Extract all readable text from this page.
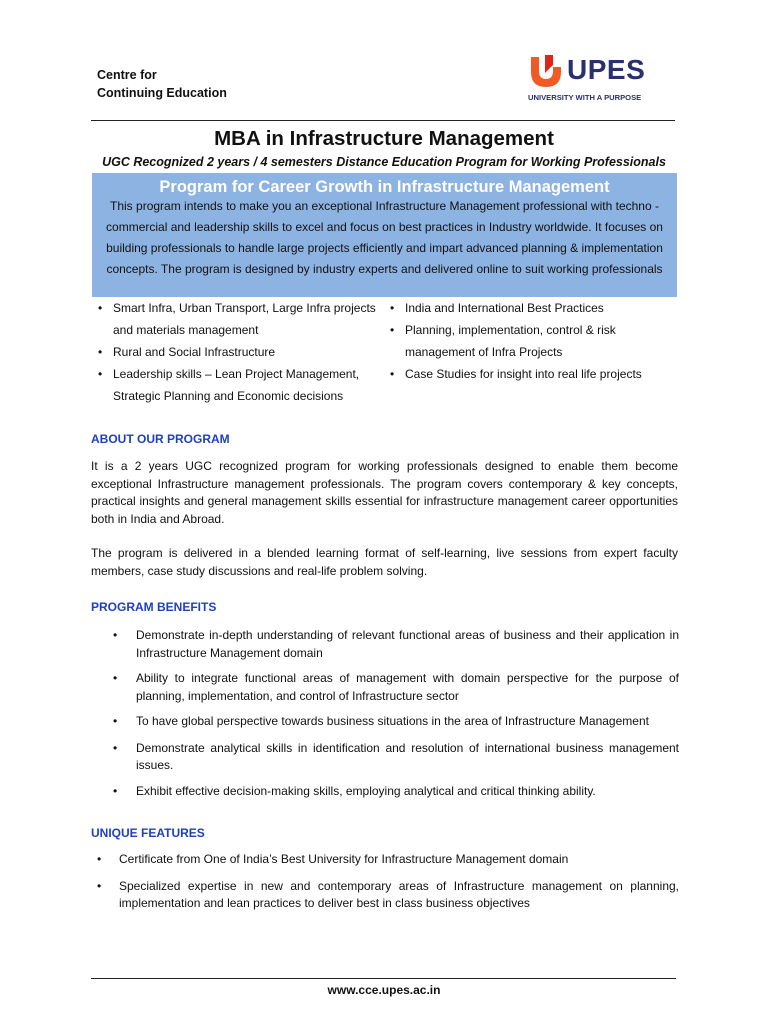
Centre for
Continuing Education
UPES
UNIVERSITY WITH A PURPOSE
MBA in Infrastructure Management
UGC Recognized 2 years / 4 semesters Distance Education Program for Working Professionals
Program for Career Growth in Infrastructure Management
This program intends to make you an exceptional Infrastructure Management professional with techno - commercial and leadership skills to excel and focus on best practices in Industry worldwide. It focuses on building professionals to handle large projects efficiently and impart advanced planning & implementation concepts. The program is designed by industry experts and delivered online to suit working professionals
• Smart Infra, Urban Transport, Large Infra projects and materials management
• Rural and Social Infrastructure
• Leadership skills – Lean Project Management, Strategic Planning and Economic decisions
• India and International Best Practices
• Planning, implementation, control & risk management of Infra Projects
• Case Studies for insight into real life projects
ABOUT OUR PROGRAM
It is a 2 years UGC recognized program for working professionals designed to enable them become exceptional Infrastructure management professionals. The program covers contemporary & key concepts, practical insights and general management skills essential for infrastructure management career opportunities both in India and Abroad.
The program is delivered in a blended learning format of self-learning, live sessions from expert faculty members, case study discussions and real-life problem solving.
PROGRAM BENEFITS
• Demonstrate in-depth understanding of relevant functional areas of business and their application in Infrastructure Management domain
• Ability to integrate functional areas of management with domain perspective for the purpose of planning, implementation, and control of Infrastructure sector
• To have global perspective towards business situations in the area of Infrastructure Management
• Demonstrate analytical skills in identification and resolution of international business management issues.
• Exhibit effective decision-making skills, employing analytical and critical thinking ability.
UNIQUE FEATURES
• Certificate from One of India’s Best University for Infrastructure Management domain
• Specialized expertise in new and contemporary areas of Infrastructure management on planning, implementation and lean practices to deliver best in class business objectives
www.cce.upes.ac.in
